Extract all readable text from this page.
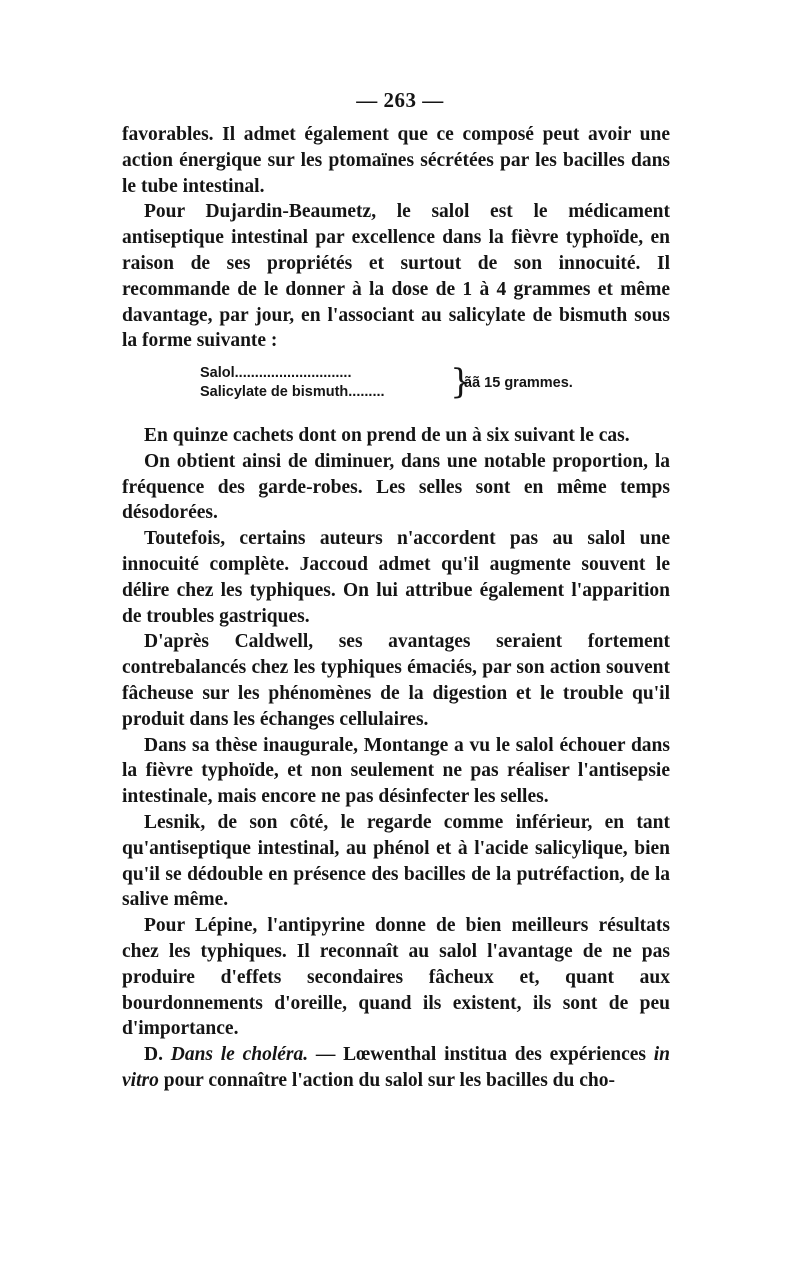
— 263 —

favorables. Il admet également que ce composé peut avoir une action énergique sur les ptomaïnes sécrétées par les bacilles dans le tube intestinal.

Pour Dujardin-Beaumetz, le salol est le médicament antiseptique intestinal par excellence dans la fièvre typhoïde, en raison de ses propriétés et surtout de son innocuité. Il recommande de le donner à la dose de 1 à 4 grammes et même davantage, par jour, en l'associant au salicylate de bismuth sous la forme suivante :

Salol.............................
Salicylate de bismuth......... }
ãã 15 grammes.

En quinze cachets dont on prend de un à six suivant le cas.

On obtient ainsi de diminuer, dans une notable proportion, la fréquence des garde-robes. Les selles sont en même temps désodorées.

Toutefois, certains auteurs n'accordent pas au salol une innocuité complète. Jaccoud admet qu'il augmente souvent le délire chez les typhiques. On lui attribue également l'apparition de troubles gastriques.

D'après Caldwell, ses avantages seraient fortement contrebalancés chez les typhiques émaciés, par son action souvent fâcheuse sur les phénomènes de la digestion et le trouble qu'il produit dans les échanges cellulaires.

Dans sa thèse inaugurale, Montange a vu le salol échouer dans la fièvre typhoïde, et non seulement ne pas réaliser l'antisepsie intestinale, mais encore ne pas désinfecter les selles.

Lesnik, de son côté, le regarde comme inférieur, en tant qu'antiseptique intestinal, au phénol et à l'acide salicylique, bien qu'il se dédouble en présence des bacilles de la putréfaction, de la salive même.

Pour Lépine, l'antipyrine donne de bien meilleurs résultats chez les typhiques. Il reconnaît au salol l'avantage de ne pas produire d'effets secondaires fâcheux et, quant aux bourdonnements d'oreille, quand ils existent, ils sont de peu d'importance.

D. Dans le choléra. — Lœwenthal institua des expériences in vitro pour connaître l'action du salol sur les bacilles du cho-
